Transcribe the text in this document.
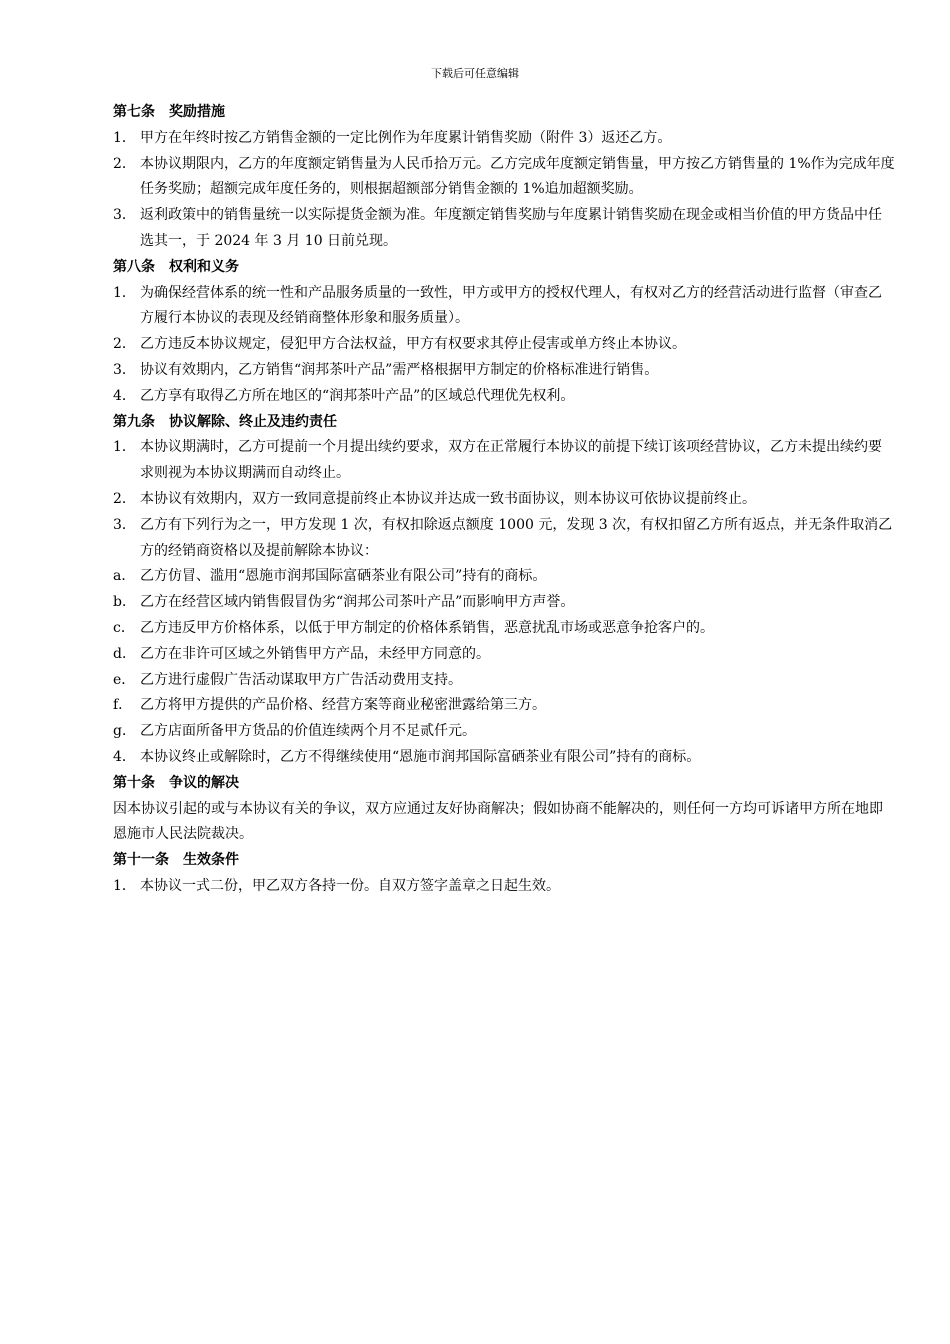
下载后可任意编辑
第七条　奖励措施
1． 甲方在年终时按乙方销售金额的一定比例作为年度累计销售奖励（附件 3）返还乙方。
2． 本协议期限内，乙方的年度额定销售量为人民币拾万元。乙方完成年度额定销售量，甲方按乙方销售量的 1%作为完成年度任务奖励；超额完成年度任务的，则根据超额部分销售金额的 1%追加超额奖励。
3． 返利政策中的销售量统一以实际提货金额为准。年度额定销售奖励与年度累计销售奖励在现金或相当价值的甲方货品中任选其一，于 2024 年 3 月 10 日前兑现。
第八条　权利和义务
1． 为确保经营体系的统一性和产品服务质量的一致性，甲方或甲方的授权代理人，有权对乙方的经营活动进行监督（审查乙方履行本协议的表现及经销商整体形象和服务质量）。
2． 乙方违反本协议规定，侵犯甲方合法权益，甲方有权要求其停止侵害或单方终止本协议。
3． 协议有效期内，乙方销售“润邦茶叶产品”需严格根据甲方制定的价格标准进行销售。
4． 乙方享有取得乙方所在地区的“润邦茶叶产品”的区域总代理优先权利。
第九条　协议解除、终止及违约责任
1． 本协议期满时，乙方可提前一个月提出续约要求，双方在正常履行本协议的前提下续订该项经营协议，乙方未提出续约要求则视为本协议期满而自动终止。
2． 本协议有效期内，双方一致同意提前终止本协议并达成一致书面协议，则本协议可依协议提前终止。
3． 乙方有下列行为之一，甲方发现 1 次，有权扣除返点额度 1000 元，发现 3 次，有权扣留乙方所有返点，并无条件取消乙方的经销商资格以及提前解除本协议：
a． 乙方仿冒、滥用“恩施市润邦国际富硒茶业有限公司”持有的商标。
b． 乙方在经营区域内销售假冒伪劣“润邦公司茶叶产品”而影响甲方声誉。
c． 乙方违反甲方价格体系，以低于甲方制定的价格体系销售，恶意扰乱市场或恶意争抢客户的。
d． 乙方在非许可区域之外销售甲方产品，未经甲方同意的。
e． 乙方进行虚假广告活动谋取甲方广告活动费用支持。
f． 乙方将甲方提供的产品价格、经营方案等商业秘密泄露给第三方。
g． 乙方店面所备甲方货品的价值连续两个月不足贰仟元。
4． 本协议终止或解除时，乙方不得继续使用“恩施市润邦国际富硒茶业有限公司”持有的商标。
第十条　争议的解决
因本协议引起的或与本协议有关的争议，双方应通过友好协商解决；假如协商不能解决的，则任何一方均可诉诸甲方所在地即恩施市人民法院裁决。
第十一条　生效条件
1． 本协议一式二份，甲乙双方各持一份。自双方签字盖章之日起生效。
